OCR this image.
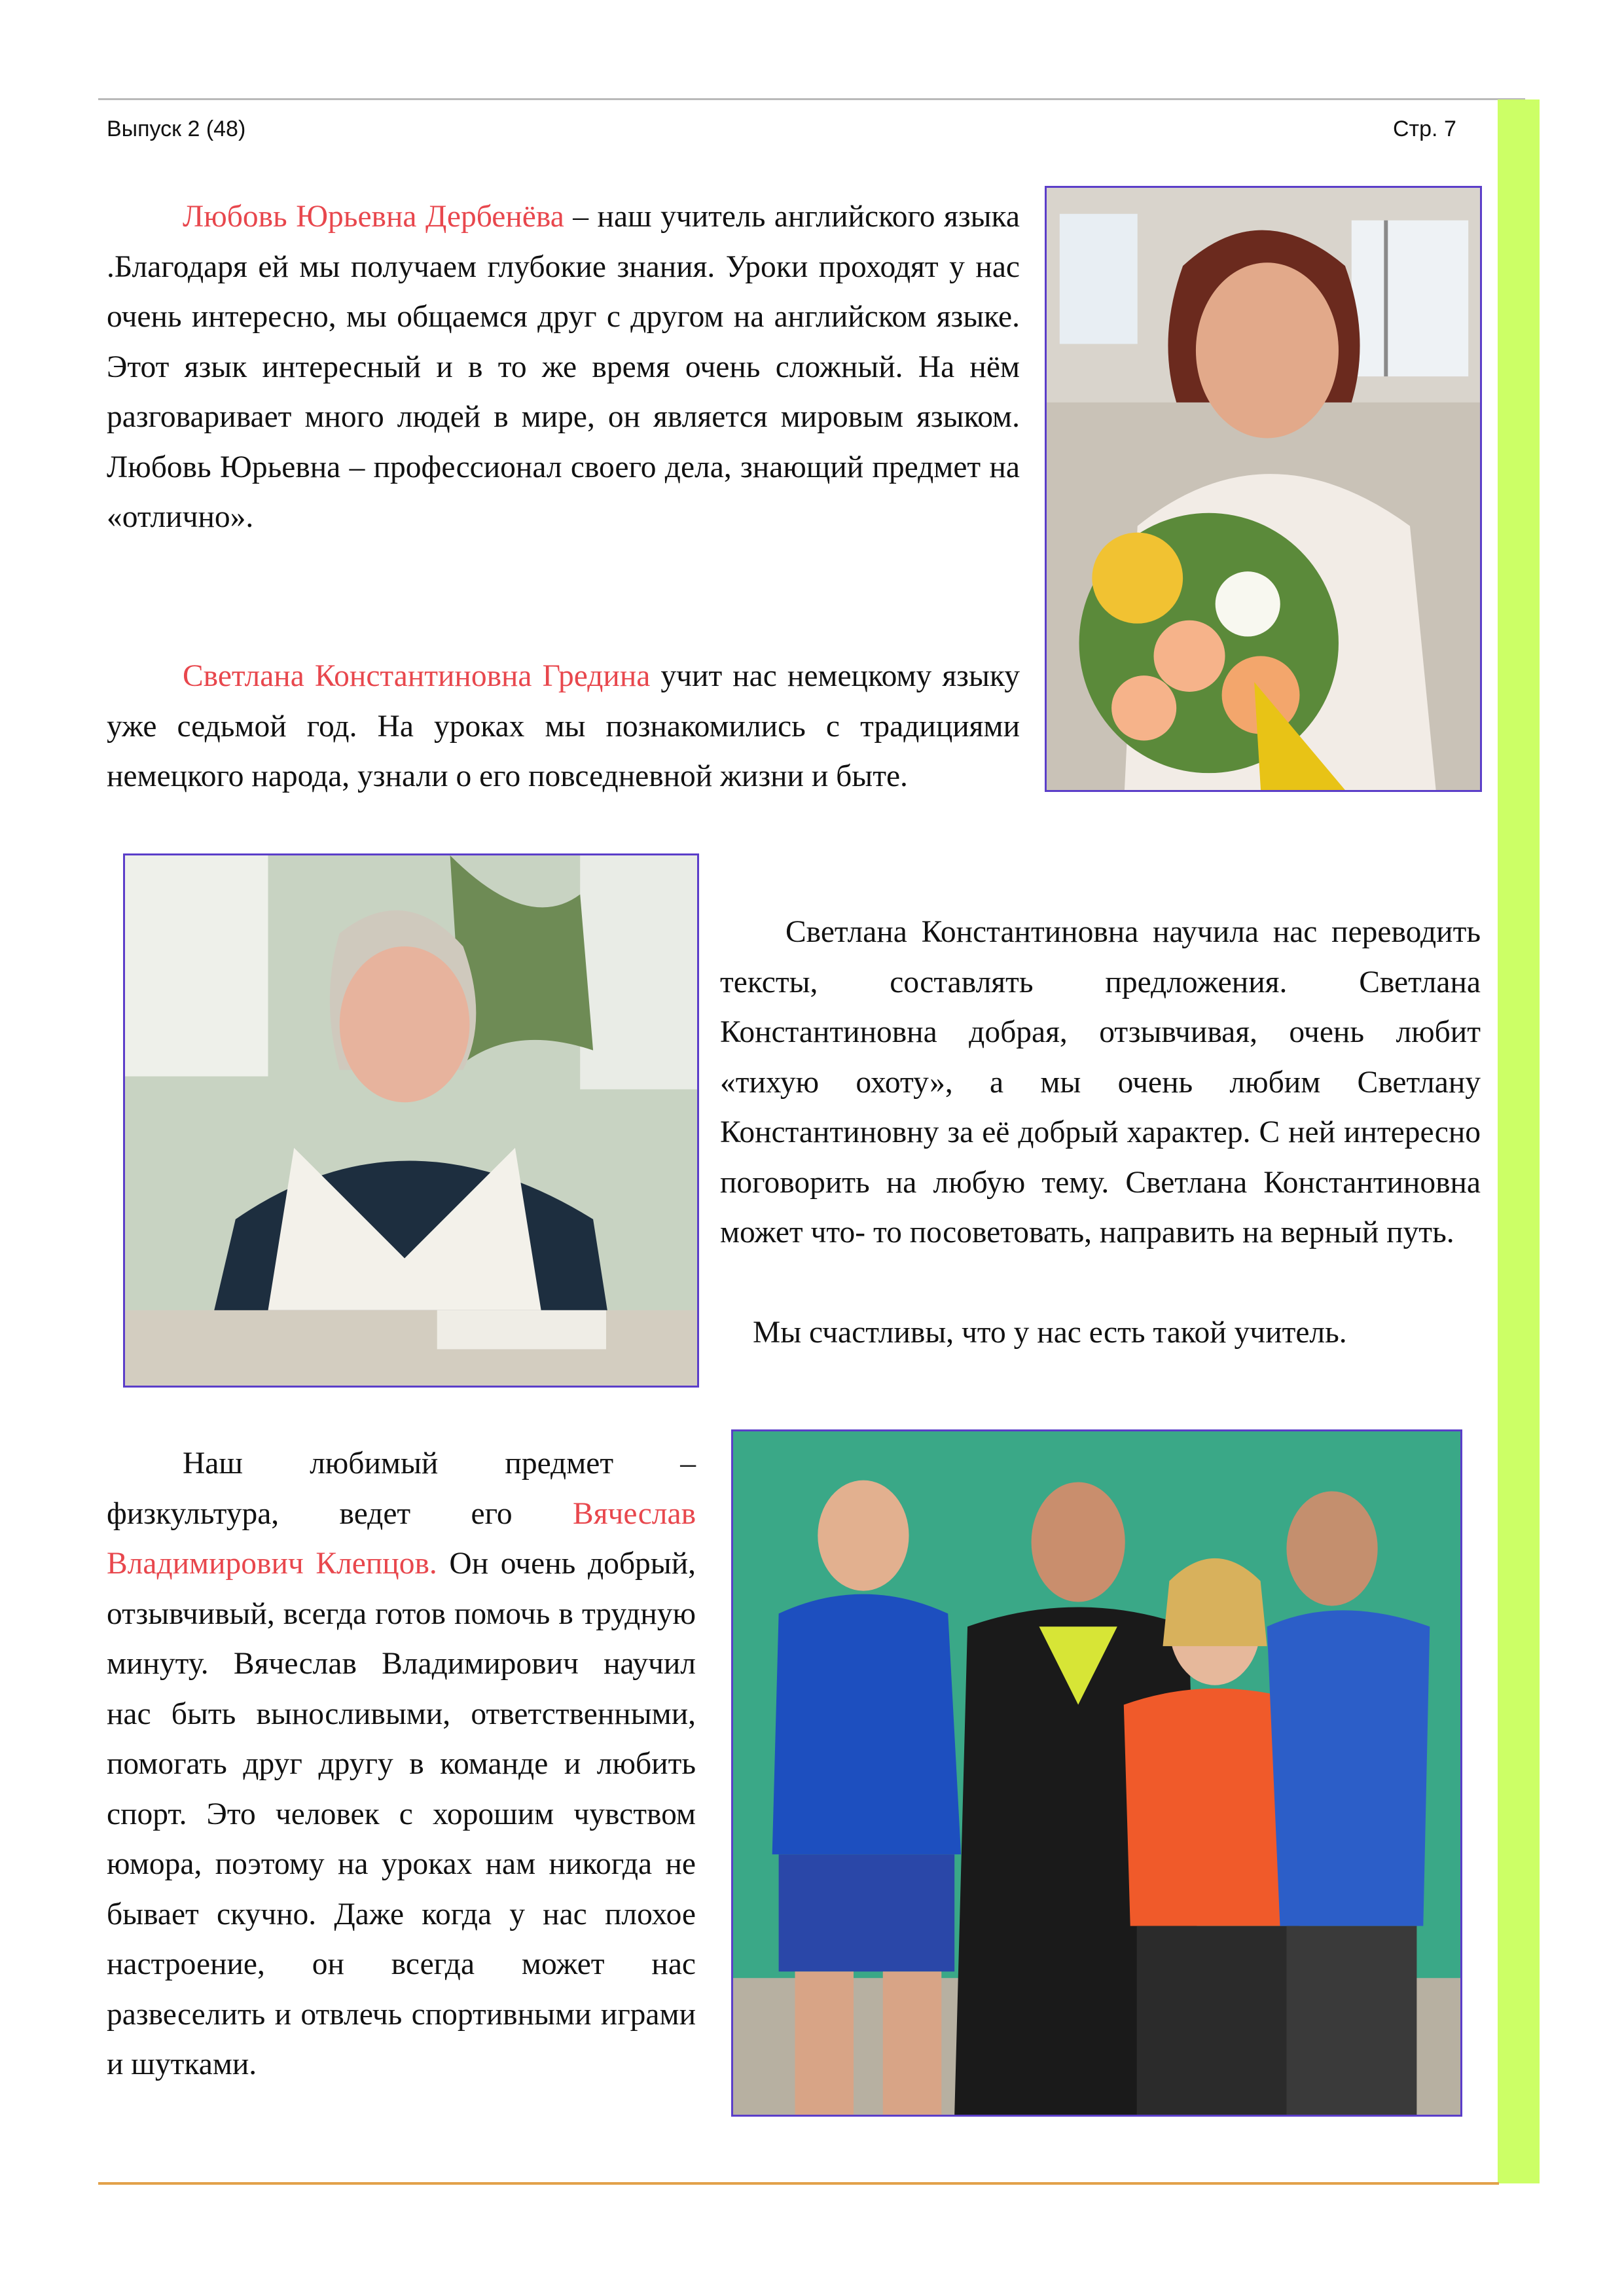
Выпуск 2 (48)	Стр. 7

Любовь Юрьевна Дербенёва – наш учитель английского языка .Благодаря ей мы получаем глубокие знания. Уроки проходят у нас очень интересно, мы общаемся друг с другом на английском языке. Этот язык интересный и в то же время очень сложный. На нём разговаривает много людей в мире, он является мировым языком. Любовь Юрьевна – профессионал своего дела, знающий предмет на «отлично».

Светлана Константиновна Гредина учит нас немецкому языку уже седьмой год. На уроках мы познакомились с традициями немецкого народа, узнали о его повседневной жизни и быте.

Светлана Константиновна научила нас переводить тексты, составлять предложения. Светлана Константиновна добрая, отзывчивая, очень любит «тихую охоту», а мы очень любим Светлану Константиновну за её добрый характер. С ней интересно поговорить на любую тему. Светлана Константиновна может что- то посоветовать, направить на верный путь.

Мы счастливы, что у нас есть такой учитель.

Наш любимый предмет – физкультура, ведет его Вячеслав Владимирович Клепцов. Он очень добрый, отзывчивый, всегда готов помочь в трудную минуту. Вячеслав Владимирович научил нас быть выносливыми, ответственными, помогать друг другу в команде и любить спорт. Это человек с хорошим чувством юмора, поэтому на уроках нам никогда не бывает скучно. Даже когда у нас плохое настроение, он всегда может нас развеселить и отвлечь спортивными играми и шутками.
